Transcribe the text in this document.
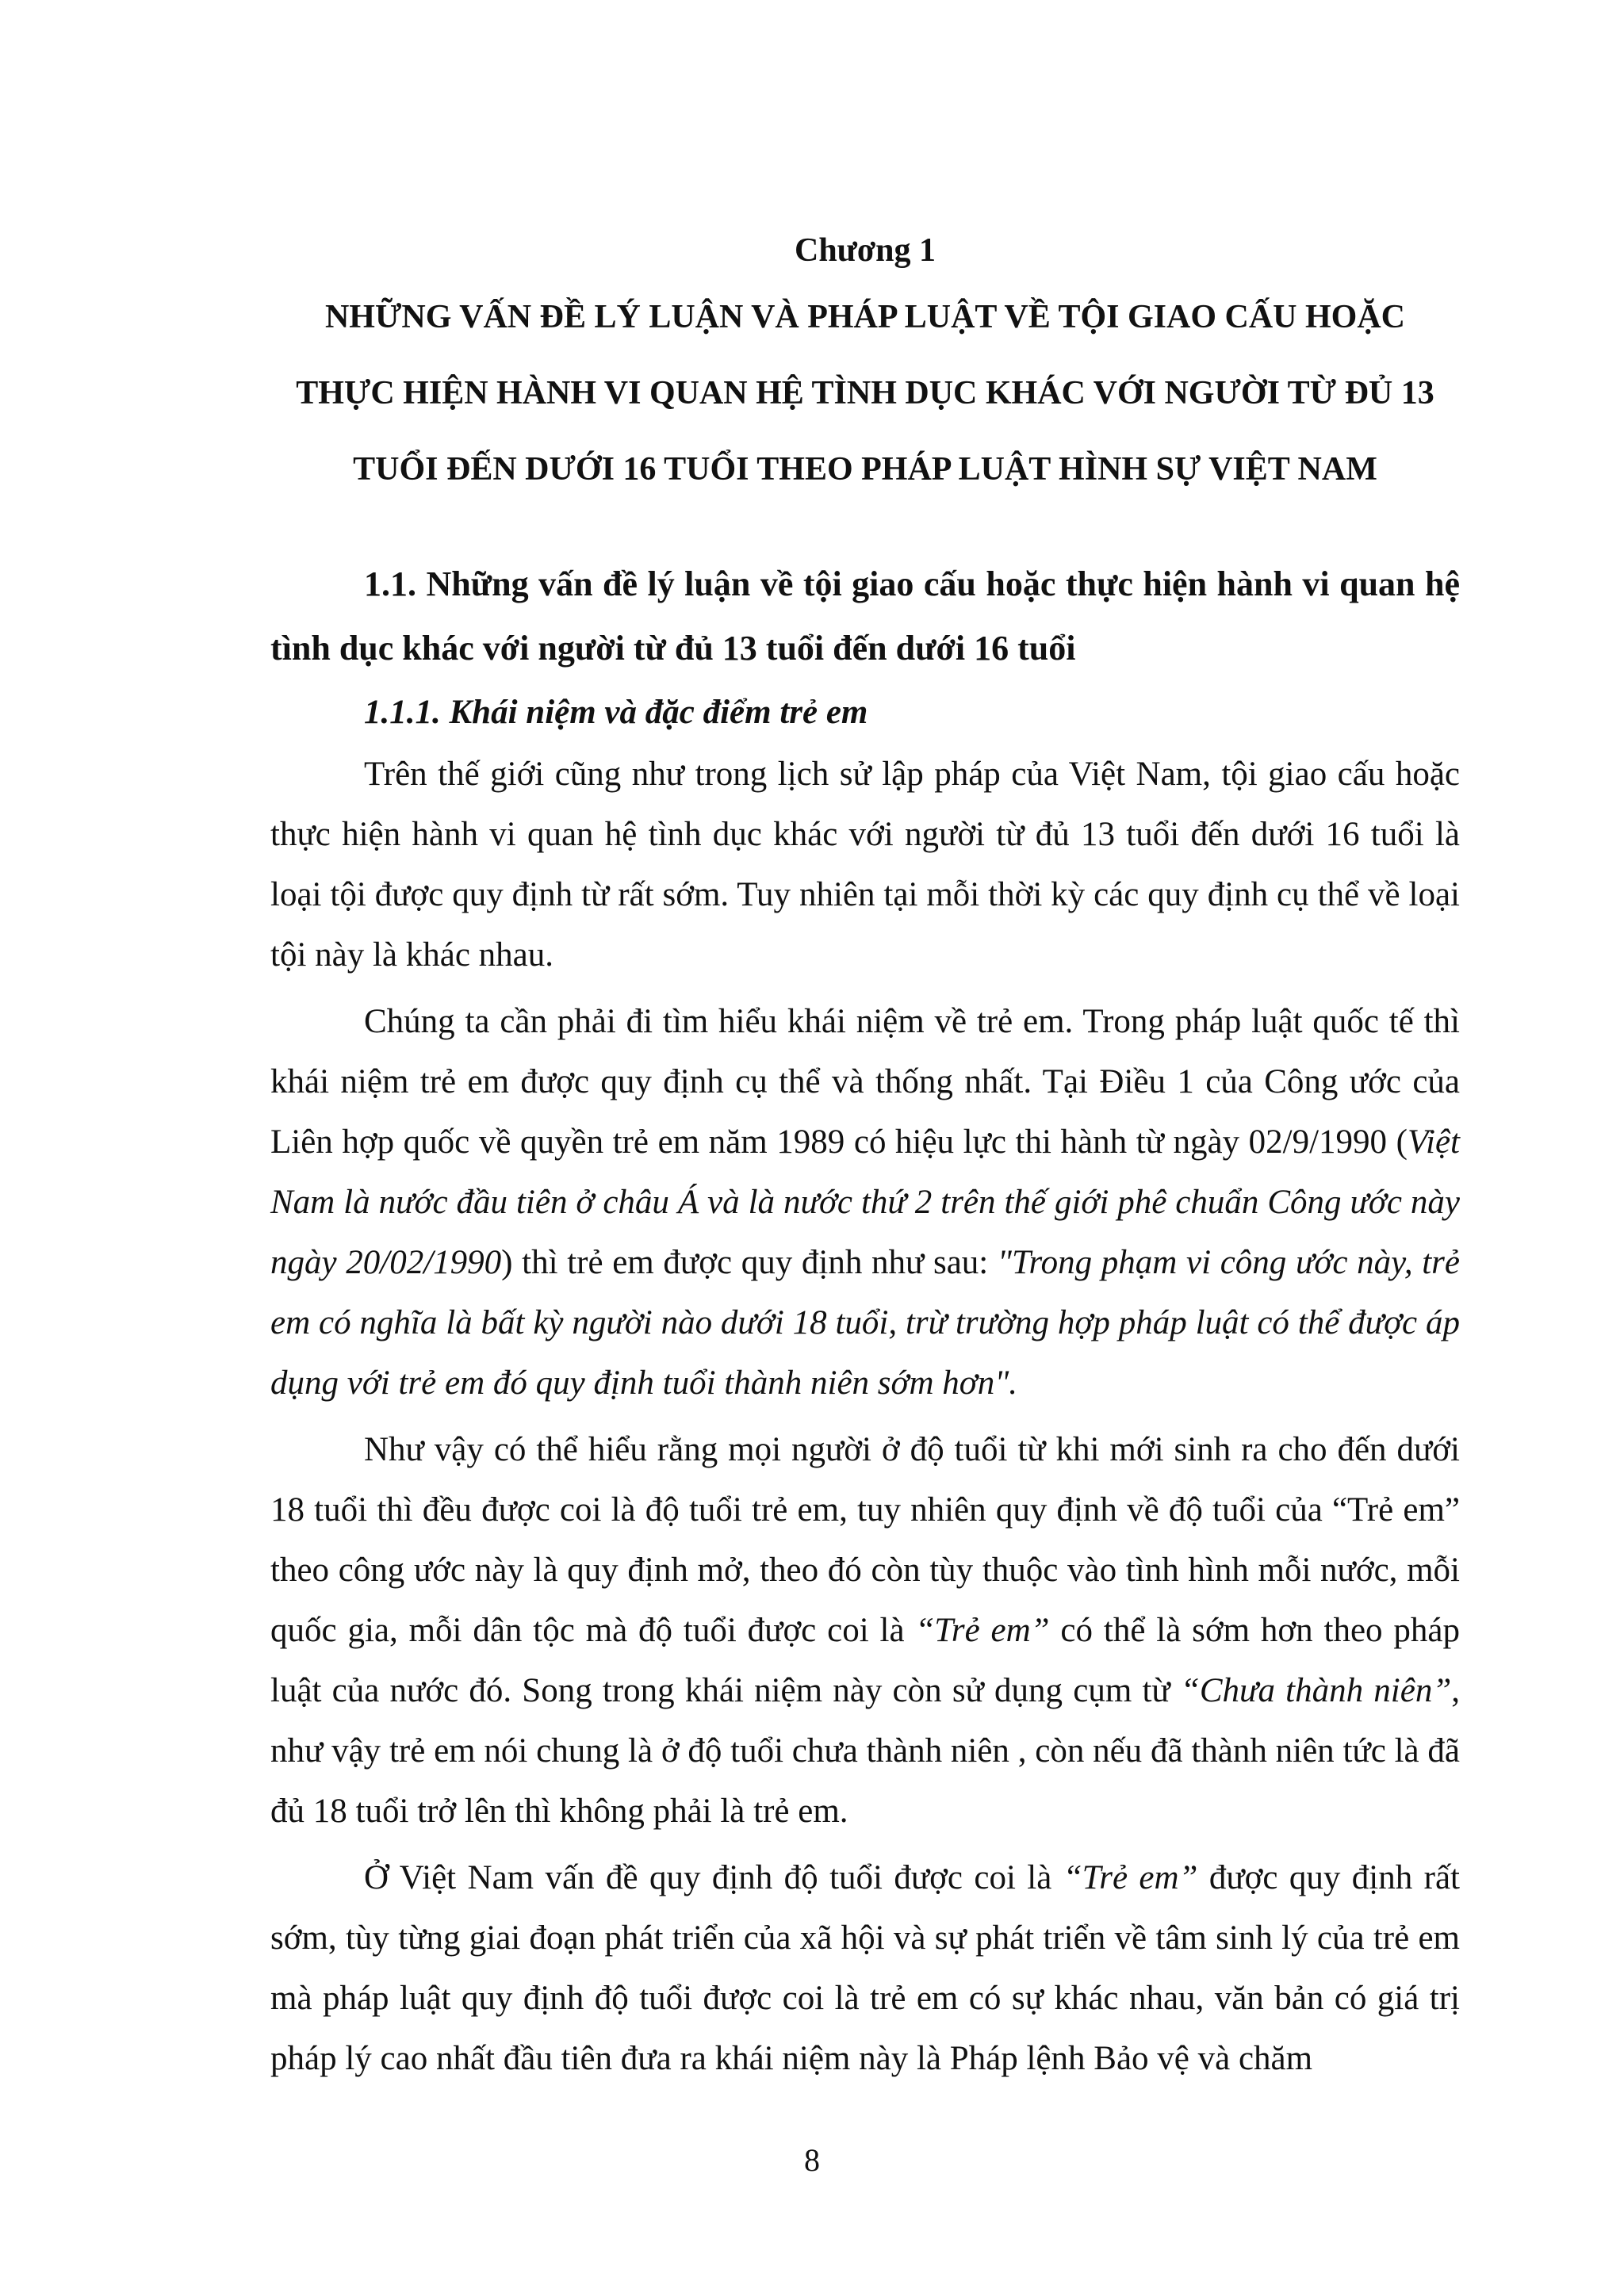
Chương 1

NHỮNG VẤN ĐỀ LÝ LUẬN VÀ PHÁP LUẬT VỀ TỘI GIAO CẤU HOẶC
THỰC HIỆN HÀNH VI QUAN HỆ TÌNH DỤC KHÁC VỚI NGƯỜI TỪ ĐỦ 13
TUỔI ĐẾN DƯỚI 16 TUỔI THEO PHÁP LUẬT HÌNH SỰ VIỆT NAM
1.1. Những vấn đề lý luận về tội giao cấu hoặc thực hiện hành vi quan hệ tình dục khác với người từ đủ 13 tuổi đến dưới 16 tuổi
1.1.1. Khái niệm và đặc điểm trẻ em

Trên thế giới cũng như trong lịch sử lập pháp của Việt Nam, tội giao cấu hoặc thực hiện hành vi quan hệ tình dục khác với người từ đủ 13 tuổi đến dưới 16 tuổi là loại tội được quy định từ rất sớm. Tuy nhiên tại mỗi thời kỳ các quy định cụ thể về loại tội này là khác nhau.

Chúng ta cần phải đi tìm hiểu khái niệm về trẻ em. Trong pháp luật quốc tế thì khái niệm trẻ em được quy định cụ thể và thống nhất. Tại Điều 1 của Công ước của Liên hợp quốc về quyền trẻ em năm 1989 có hiệu lực thi hành từ ngày 02/9/1990 (Việt Nam là nước đầu tiên ở châu Á và là nước thứ 2 trên thế giới phê chuẩn Công ước này ngày 20/02/1990) thì trẻ em được quy định như sau: "Trong phạm vi công ước này, trẻ em có nghĩa là bất kỳ người nào dưới 18 tuổi, trừ trường hợp pháp luật có thể được áp dụng với trẻ em đó quy định tuổi thành niên sớm hơn".

Như vậy có thể hiểu rằng mọi người ở độ tuổi từ khi mới sinh ra cho đến dưới 18 tuổi thì đều được coi là độ tuổi trẻ em, tuy nhiên quy định về độ tuổi của “Trẻ em” theo công ước này là quy định mở, theo đó còn tùy thuộc vào tình hình mỗi nước, mỗi quốc gia, mỗi dân tộc mà độ tuổi được coi là “Trẻ em” có thể là sớm hơn theo pháp luật của nước đó. Song trong khái niệm này còn sử dụng cụm từ “Chưa thành niên”, như vậy trẻ em nói chung là ở độ tuổi chưa thành niên , còn nếu đã thành niên tức là đã đủ 18 tuổi trở lên thì không phải là trẻ em.

Ở Việt Nam vấn đề quy định độ tuổi được coi là “Trẻ em” được quy định rất sớm, tùy từng giai đoạn phát triển của xã hội và sự phát triển về tâm sinh lý của trẻ em mà pháp luật quy định độ tuổi được coi là trẻ em có sự khác nhau, văn bản có giá trị pháp lý cao nhất đầu tiên đưa ra khái niệm này là Pháp lệnh Bảo vệ và chăm

8
